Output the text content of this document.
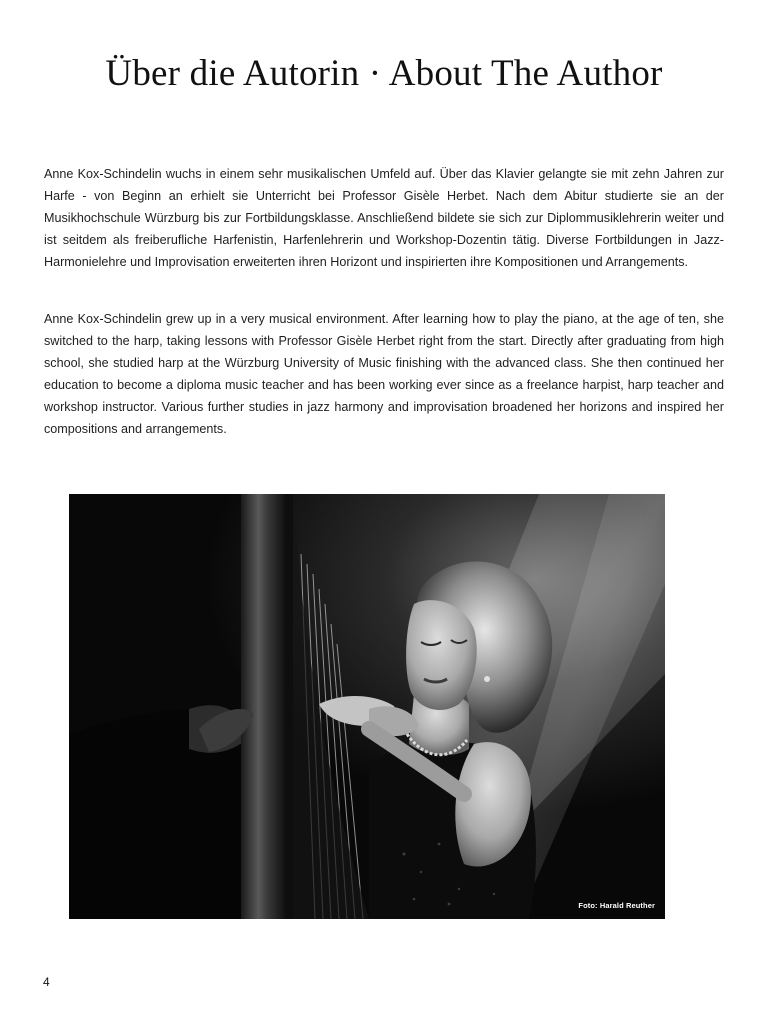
Über die Autorin · About The Author

Anne Kox-Schindelin wuchs in einem sehr musikalischen Umfeld auf. Über das Klavier gelangte sie mit zehn Jahren zur Harfe - von Beginn an erhielt sie Unterricht bei Professor Gisèle Herbet. Nach dem Abitur studierte sie an der Musikhochschule Würzburg bis zur Fortbildungsklasse. Anschließend bildete sie sich zur Diplommusiklehrerin weiter und ist seitdem als freiberufliche Harfenistin, Harfenlehrerin und Workshop-Dozentin tätig. Diverse Fortbildungen in Jazz-Harmonielehre und Improvisation erweiterten ihren Horizont und inspirierten ihre Kompositionen und Arrangements.

Anne Kox-Schindelin grew up in a very musical environment. After learning how to play the piano, at the age of ten, she switched to the harp, taking lessons with Professor Gisèle Herbet right from the start. Directly after graduating from high school, she studied harp at the Würzburg University of Music finishing with the advanced class. She then continued her education to become a diploma music teacher and has been working ever since as a freelance harpist, harp teacher and workshop instructor. Various further studies in jazz harmony and improvisation broadened her horizons and inspired her compositions and arrangements.

Foto: Harald Reuther
4
